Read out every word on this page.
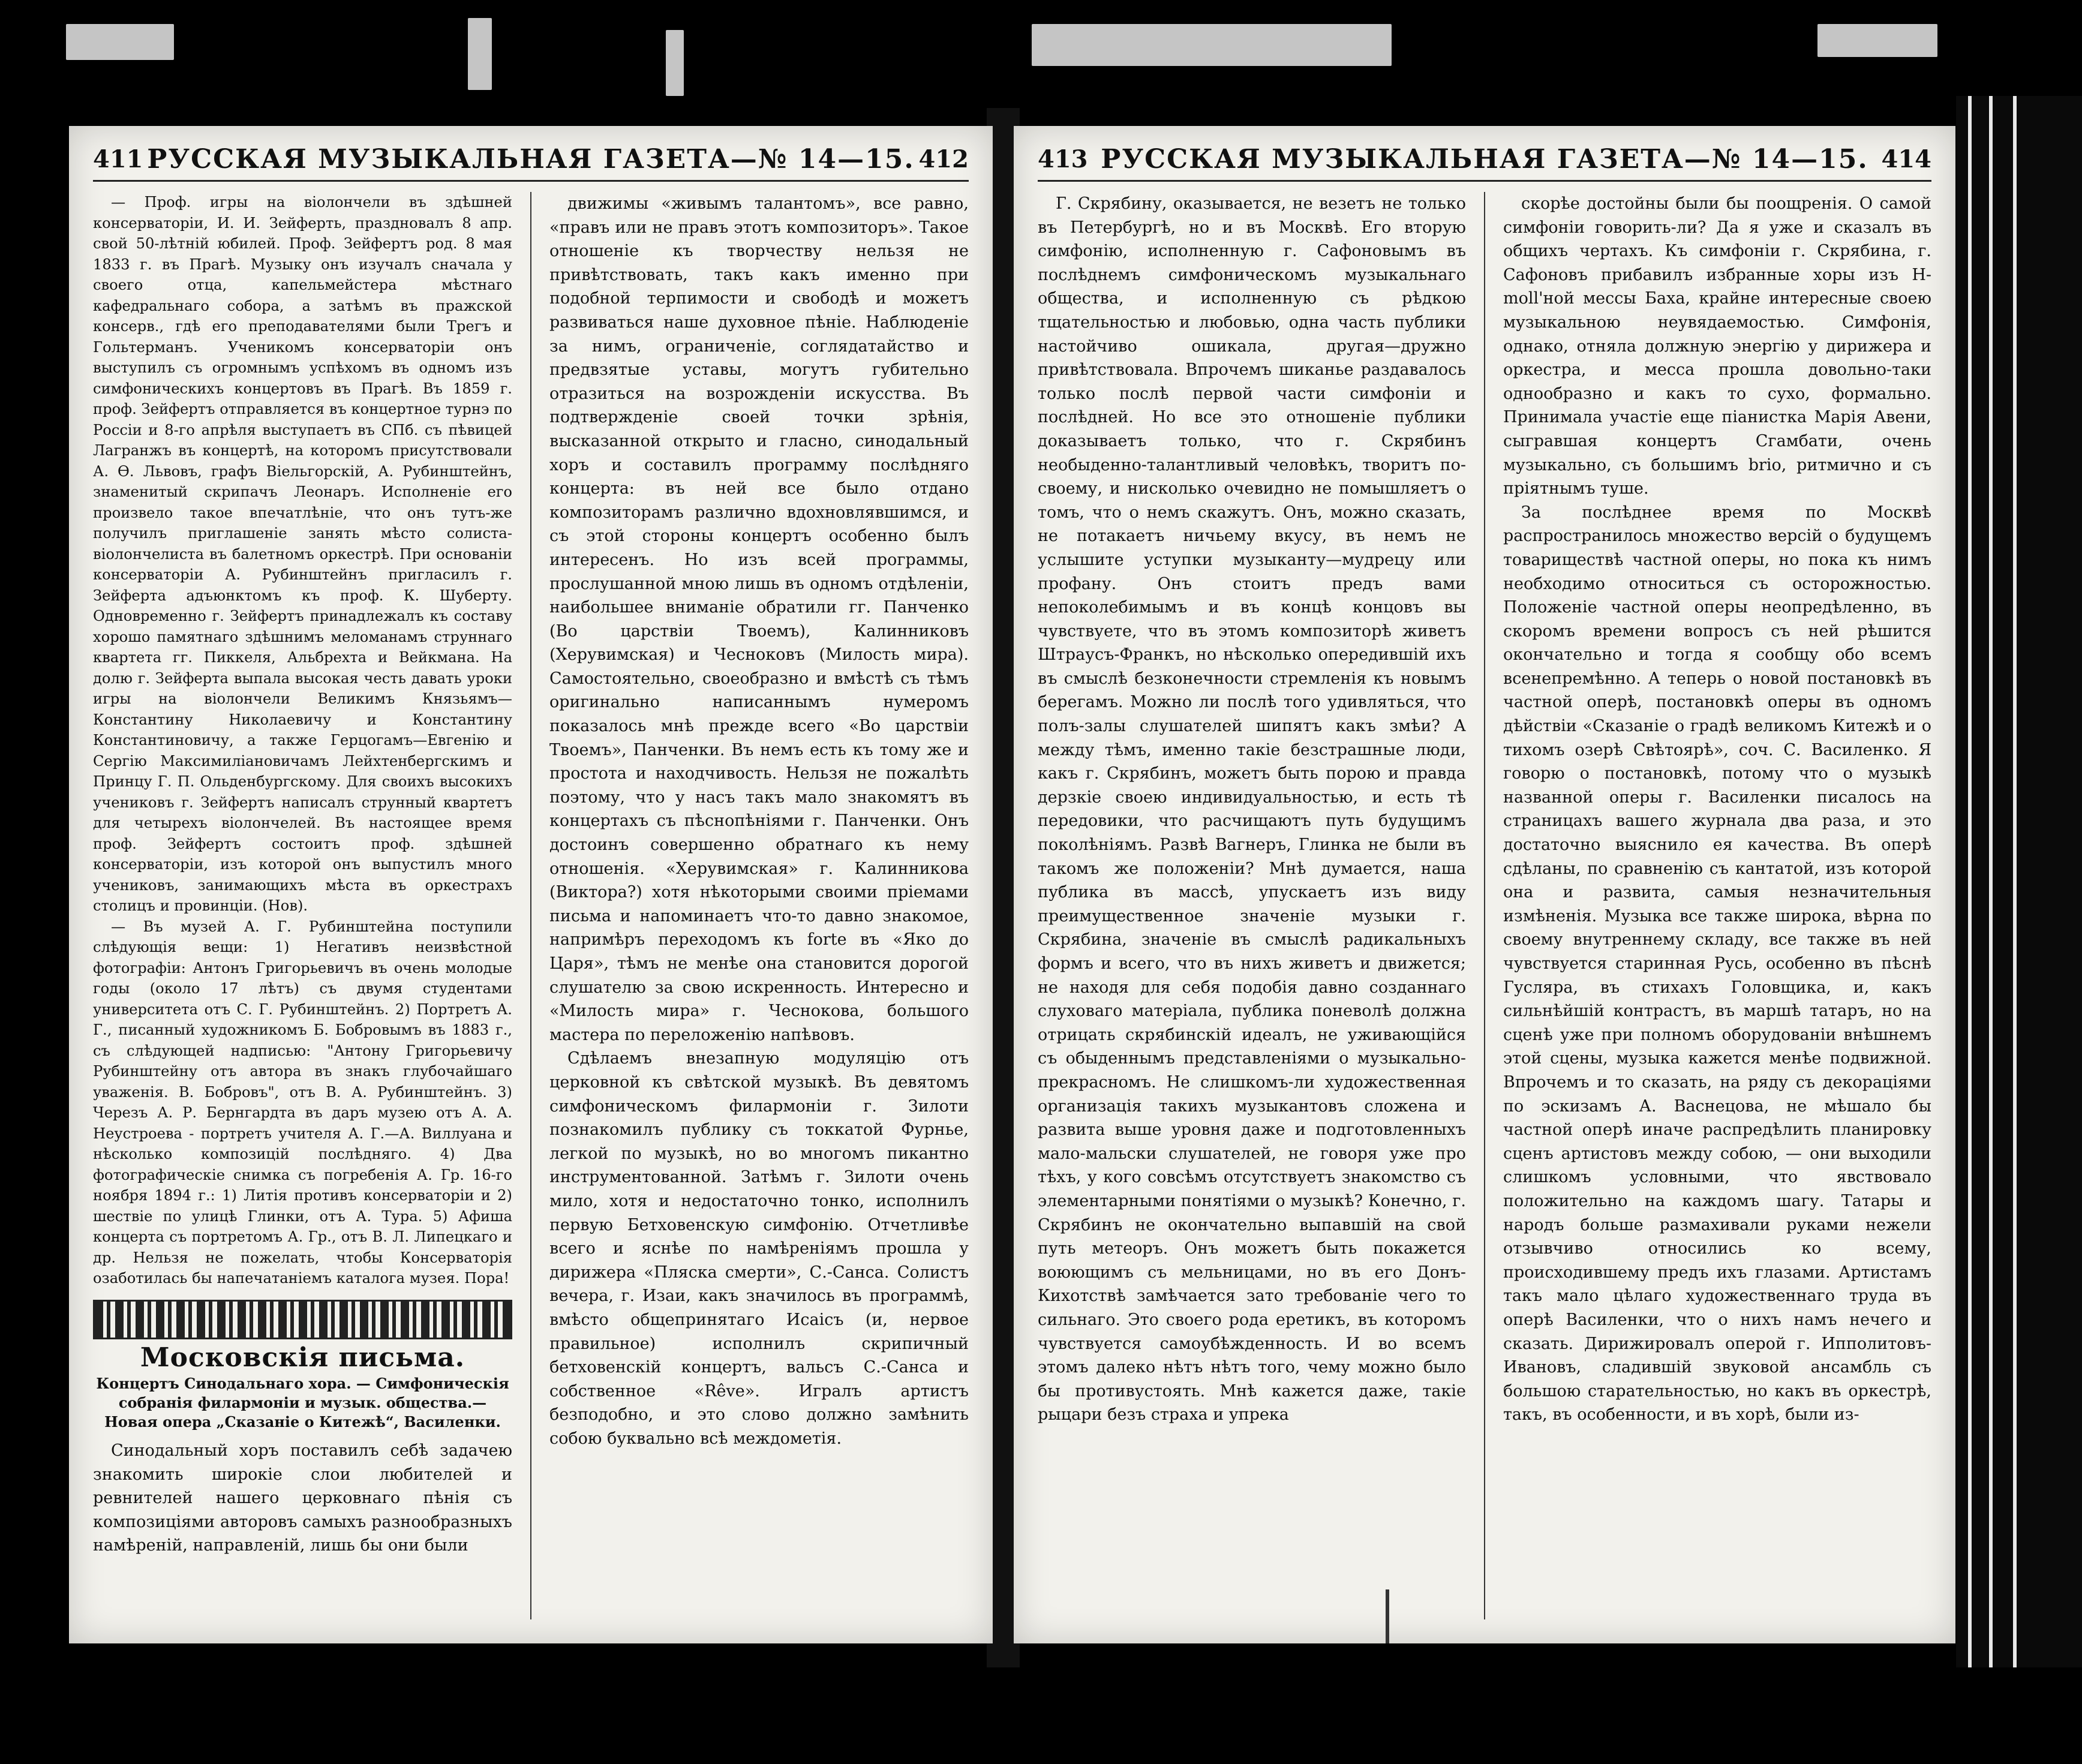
411 РУССКАЯ МУЗЫКАЛЬНАЯ ГАЗЕТА—№ 14—15. 412

— Проф. игры на віолончели въ здѣшней консерваторіи, И. И. Зейферть, праздновалъ 8 апр. свой 50-лѣтній юбилей. Проф. Зейфертъ род. 8 мая 1833 г. въ Прагѣ. Музыку онъ изучалъ сначала у своего отца, капельмейстера мѣстнаго кафедральнаго собора, а затѣмъ въ пражской консерв., гдѣ его преподавателями были Трегъ и Гольтерманъ. Ученикомъ консерваторіи онъ выступилъ съ огромнымъ успѣхомъ въ одномъ изъ симфоническихъ концертовъ въ Прагѣ. Въ 1859 г. проф. Зейфертъ отправляется въ концертное турнэ по Россіи и 8-го апрѣля выступаетъ въ СПб. съ пѣвицей Лагранжъ въ концертѣ, на которомъ присутствовали А. Ѳ. Львовъ, графъ Віельгорскій, А. Рубинштейнъ, знаменитый скрипачъ Леонаръ. Исполненіе его произвело такое впечатлѣніе, что онъ тутъ-же получилъ приглашеніе занять мѣсто солиста-віолончелиста въ балетномъ оркестрѣ. При основаніи консерваторіи А. Рубинштейнъ пригласилъ г. Зейферта адъюнктомъ къ проф. К. Шуберту. Одновременно г. Зейфертъ принадлежалъ къ составу хорошо памятнаго здѣшнимъ меломанамъ струннаго квартета гг. Пиккеля, Альбрехта и Вейкмана. На долю г. Зейферта выпала высокая честь давать уроки игры на віолончели Великимъ Князьямъ—Константину Николаевичу и Константину Константиновичу, а также Герцогамъ—Евгенію и Сергію Максимиліановичамъ Лейхтенбергскимъ и Принцу Г. П. Ольденбургскому. Для своихъ высокихъ учениковъ г. Зейфертъ написалъ струнный квартетъ для четырехъ віолончелей. Въ настоящее время проф. Зейфертъ состоитъ проф. здѣшней консерваторіи, изъ которой онъ выпустилъ много учениковъ, занимающихъ мѣста въ оркестрахъ столицъ и провинціи. (Нов).

— Въ музей А. Г. Рубинштейна поступили слѣдующія вещи: 1) Негативъ неизвѣстной фотографіи: Антонъ Григорьевичъ въ очень молодые годы (около 17 лѣтъ) съ двумя студентами университета отъ С. Г. Рубинштейнъ. 2) Портретъ А. Г., писанный художникомъ Б. Бобровымъ въ 1883 г., съ слѣдующей надписью: "Антону Григорьевичу Рубинштейну отъ автора въ знакъ глубочайшаго уваженія. В. Бобровъ", отъ В. А. Рубинштейнъ. 3) Черезъ А. Р. Бернгардта въ даръ музею отъ А. А. Неустроева - портретъ учителя А. Г.—А. Виллуана и нѣсколько композицій послѣдняго. 4) Два фотографическіе снимка съ погребенія А. Гр. 16-го ноября 1894 г.: 1) Литія противъ консерваторіи и 2) шествіе по улицѣ Глинки, отъ А. Тура. 5) Афиша концерта съ портретомъ А. Гр., отъ В. Л. Липецкаго и др. Нельзя не пожелать, чтобы Консерваторія озаботилась бы напечатаніемъ каталога музея. Пора!

Московскія письма.
Концертъ Синодальнаго хора. — Симфоническія собранія филармоніи и музык. общества.—Новая опера „Сказаніе о Китежѣ“, Василенки.

Синодальный хоръ поставилъ себѣ задачею знакомить широкіе слои любителей и ревнителей нашего церковнаго пѣнія съ композиціями авторовъ самыхъ разнообразныхъ намѣреній, направленій, лишь бы они были

движимы «живымъ талантомъ», все равно, «правъ или не правъ этотъ композиторъ». Такое отношеніе къ творчеству нельзя не привѣтствовать, такъ какъ именно при подобной терпимости и свободѣ и можетъ развиваться наше духовное пѣніе. Наблюденіе за нимъ, ограниченіе, соглядатайство и предвзятые уставы, могутъ губительно отразиться на возрожденіи искусства. Въ подтвержденіе своей точки зрѣнія, высказанной открыто и гласно, синодальный хоръ и составилъ программу послѣдняго концерта: въ ней все было отдано композиторамъ различно вдохновлявшимся, и съ этой стороны концертъ особенно былъ интересенъ. Но изъ всей программы, прослушанной мною лишь въ одномъ отдѣленіи, наибольшее вниманіе обратили гг. Панченко (Во царствіи Твоемъ), Калинниковъ (Херувимская) и Чесноковъ (Милость мира). Самостоятельно, своеобразно и вмѣстѣ съ тѣмъ оригинально написаннымъ нумеромъ показалось мнѣ прежде всего «Во царствіи Твоемъ», Панченки. Въ немъ есть къ тому же и простота и находчивость. Нельзя не пожалѣть поэтому, что у насъ такъ мало знакомятъ въ концертахъ съ пѣснопѣніями г. Панченки. Онъ достоинъ совершенно обратнаго къ нему отношенія. «Херувимская» г. Калинникова (Виктора?) хотя нѣкоторыми своими пріемами письма и напоминаетъ что-то давно знакомое, напримѣръ переходомъ къ forte въ «Яко до Царя», тѣмъ не менѣе она становится дорогой слушателю за свою искренность. Интересно и «Милость мира» г. Чеснокова, большого мастера по переложенію напѣвовъ.

Сдѣлаемъ внезапную модуляцію отъ церковной къ свѣтской музыкѣ. Въ девятомъ симфоническомъ филармоніи г. Зилоти познакомилъ публику съ токкатой Фурнье, легкой по музыкѣ, но во многомъ пикантно инструментованной. Затѣмъ г. Зилоти очень мило, хотя и недостаточно тонко, исполнилъ первую Бетховенскую симфонію. Отчетливѣе всего и яснѣе по намѣреніямъ прошла у дирижера «Пляска смерти», С.-Санса. Солистъ вечера, г. Изаи, какъ значилось въ программѣ, вмѣсто общепринятаго Исаісъ (и, нервое правильное) исполнилъ скрипичный бетховенскій концертъ, вальсъ С.-Санса и собственное «Rêve». Игралъ артистъ безподобно, и это слово должно замѣнить собою буквально всѣ междометія.

413 РУССКАЯ МУЗЫКАЛЬНАЯ ГАЗЕТА—№ 14—15. 414

Г. Скрябину, оказывается, не везетъ не только въ Петербургѣ, но и въ Москвѣ. Его вторую симфонію, исполненную г. Сафоновымъ въ послѣднемъ симфоническомъ музыкальнаго общества, и исполненную съ рѣдкою тщательностью и любовью, одна часть публики настойчиво ошикала, другая—дружно привѣтствовала. Впрочемъ шиканье раздавалось только послѣ первой части симфоніи и послѣдней. Но все это отношеніе публики доказываетъ только, что г. Скрябинъ необыденно-талантливый человѣкъ, творитъ по-своему, и нисколько очевидно не помышляетъ о томъ, что о немъ скажутъ. Онъ, можно сказать, не потакаетъ ничьему вкусу, въ немъ не услышите уступки музыканту—мудрецу или профану. Онъ стоитъ предъ вами непоколебимымъ и въ концѣ концовъ вы чувствуете, что въ этомъ композиторѣ живетъ Штраусъ-Франкъ, но нѣсколько опередившій ихъ въ смыслѣ безконечности стремленія къ новымъ берегамъ. Можно ли послѣ того удивляться, что полъ-залы слушателей шипятъ какъ змѣи? А между тѣмъ, именно такіе безстрашные люди, какъ г. Скрябинъ, можетъ быть порою и правда дерзкіе своею индивидуальностью, и есть тѣ передовики, что расчищаютъ путь будущимъ поколѣніямъ. Развѣ Вагнеръ, Глинка не были въ такомъ же положеніи? Мнѣ думается, наша публика въ массѣ, упускаетъ изъ виду преимущественное значеніе музыки г. Скрябина, значеніе въ смыслѣ радикальныхъ формъ и всего, что въ нихъ живетъ и движется; не находя для себя подобія давно созданнаго слуховаго матеріала, публика поневолѣ должна отрицать скрябинскій идеалъ, не уживающійся съ обыденнымъ представленіями о музыкально-прекрасномъ. Не слишкомъ-ли художественная организація такихъ музыкантовъ сложена и развита выше уровня даже и подготовленныхъ мало-мальски слушателей, не говоря уже про тѣхъ, у кого совсѣмъ отсутствуетъ знакомство съ элементарными понятіями о музыкѣ? Конечно, г. Скрябинъ не окончательно выпавшій на свой путь метеоръ. Онъ можетъ быть покажется воюющимъ съ мельницами, но въ его Донъ-Кихотствѣ замѣчается зато требованіе чего то сильнаго. Это своего рода еретикъ, въ которомъ чувствуется самоубѣжденность. И во всемъ этомъ далеко нѣтъ нѣтъ того, чему можно было бы противустоять. Мнѣ кажется даже, такіе рыцари безъ страха и упрека

скорѣе достойны были бы поощренія. О самой симфоніи говорить-ли? Да я уже и сказалъ въ общихъ чертахъ. Къ симфоніи г. Скрябина, г. Сафоновъ прибавилъ избранные хоры изъ H-moll'ной мессы Баха, крайне интересные своею музыкальною неувядаемостью. Симфонія, однако, отняла должную энергію у дирижера и оркестра, и месса прошла довольно-таки однообразно и какъ то сухо, формально. Принимала участіе еще піанистка Марія Авени, сыгравшая концертъ Сгамбати, очень музыкально, съ большимъ brio, ритмично и съ пріятнымъ туше.

За послѣднее время по Москвѣ распространилось множество версій о будущемъ товариществѣ частной оперы, но пока къ нимъ необходимо относиться съ осторожностью. Положеніе частной оперы неопредѣленно, въ скоромъ времени вопросъ съ ней рѣшится окончательно и тогда я сообщу обо всемъ всенепремѣнно. А теперь о новой постановкѣ въ частной оперѣ, постановкѣ оперы въ одномъ дѣйствіи «Сказаніе о градѣ великомъ Китежѣ и о тихомъ озерѣ Свѣтоярѣ», соч. С. Василенко. Я говорю о постановкѣ, потому что о музыкѣ названной оперы г. Василенки писалось на страницахъ вашего журнала два раза, и это достаточно выяснило ея качества. Въ оперѣ сдѣланы, по сравненію съ кантатой, изъ которой она и развита, самыя незначительныя измѣненія. Музыка все также широка, вѣрна по своему внутреннему складу, все также въ ней чувствуется старинная Русь, особенно въ пѣснѣ Гусляра, въ стихахъ Головщика, и, какъ сильнѣйшій контрастъ, въ маршѣ татаръ, но на сценѣ уже при полномъ оборудованіи внѣшнемъ этой сцены, музыка кажется менѣе подвижной. Впрочемъ и то сказать, на ряду съ декораціями по эскизамъ А. Васнецова, не мѣшало бы частной оперѣ иначе распредѣлить планировку сценъ артистовъ между собою, — они выходили слишкомъ условными, что явствовало положительно на каждомъ шагу. Татары и народъ больше размахивали руками нежели отзывчиво относились ко всему, происходившему предъ ихъ глазами. Артистамъ такъ мало цѣлаго художественнаго труда въ оперѣ Василенки, что о нихъ намъ нечего и сказать. Дирижировалъ оперой г. Ипполитовъ-Ивановъ, сладившій звуковой ансамбль съ большою старательностью, но какъ въ оркестрѣ, такъ, въ особенности, и въ хорѣ, были из-
